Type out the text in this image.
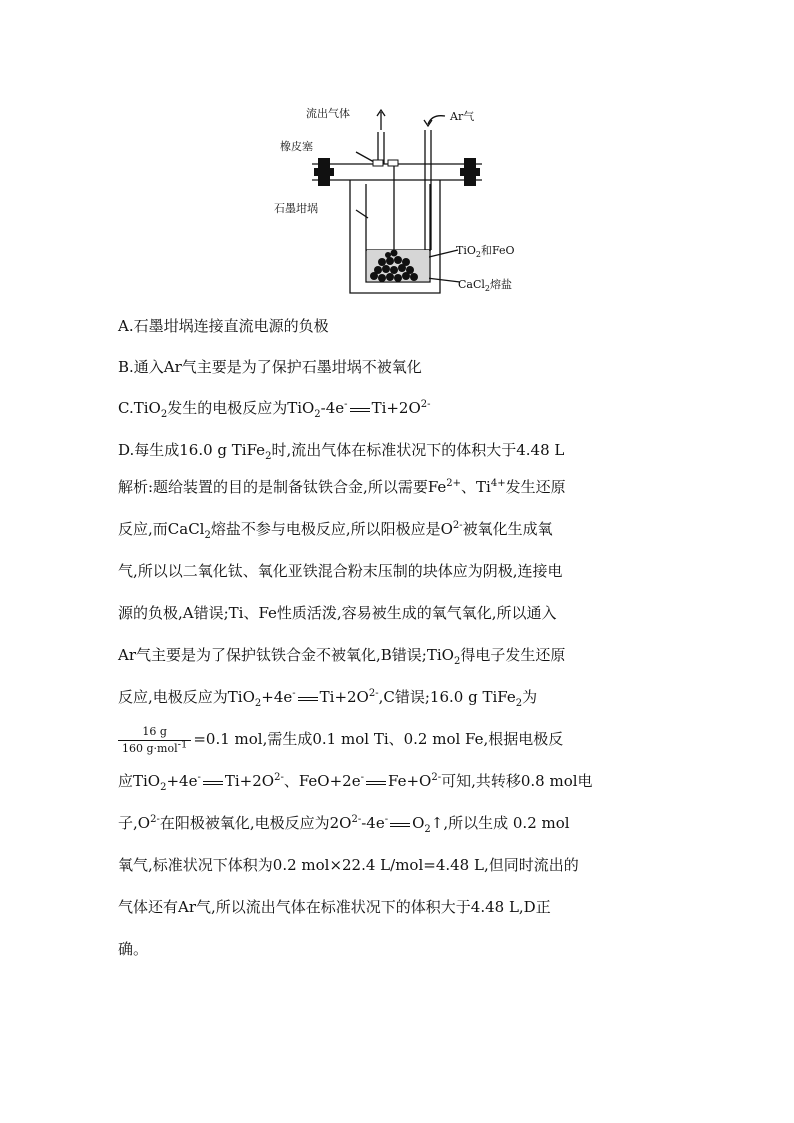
流出气体	Ar气
橡皮塞
石墨坩埚
TiO$_2$和FeO
CaCl$_2$熔盐
A.石墨坩埚连接直流电源的负极
B.通入Ar气主要是为了保护石墨坩埚不被氧化
C.TiO$_2$发生的电极反应为TiO$_2$-4e- $Ti+2O^{2-}$
D.每生成16.0 g TiFe$_2$时,流出气体在标准状况下的体积大于4.48 L
解析:题给装置的目的是制备钛铁合金,所以需要$Fe^{2+}$、$Ti^{4+}$发生还原
反应,而CaCl$_2$熔盐不参与电极反应,所以阳极应是$O^{2-}$被氧化生成氧
气,所以以二氧化钛、氧化亚铁混合粉末压制的块体应为阴极,连接电
源的负极,A错误;Ti、Fe性质活泼,容易被生成的氧气氧化,所以通入
Ar气主要是为了保护钛铁合金不被氧化,B错误;TiO$_2$得电子发生还原
反应,电极反应为TiO$_2$+4e- $Ti+2O^{2-},C$错误;16.0 g TiFe$_2$为
$\frac{16 g}{160 g\cdot mol^{-1}} =0.1$ mol,需生成0.1 mol Ti、0.2 mol Fe,根据电极反
应TiO$_2$+4e- $Ti+2O^{2-}$、FeO+2e- $Fe+O^{2-}$可知,共转移0.8 mol电
子$,O^{2-}$在阳极被氧化,电极反应为$2O^{2-}-4e^-$ $O_2↑$,所以生成 0.2 mol
氧气,标准状况下体积为0.2 mol×22.4 L/mol=4.48 L,但同时流出的
气体还有Ar气,所以流出气体在标准状况下的体积大于4.48 L,D正
确。
